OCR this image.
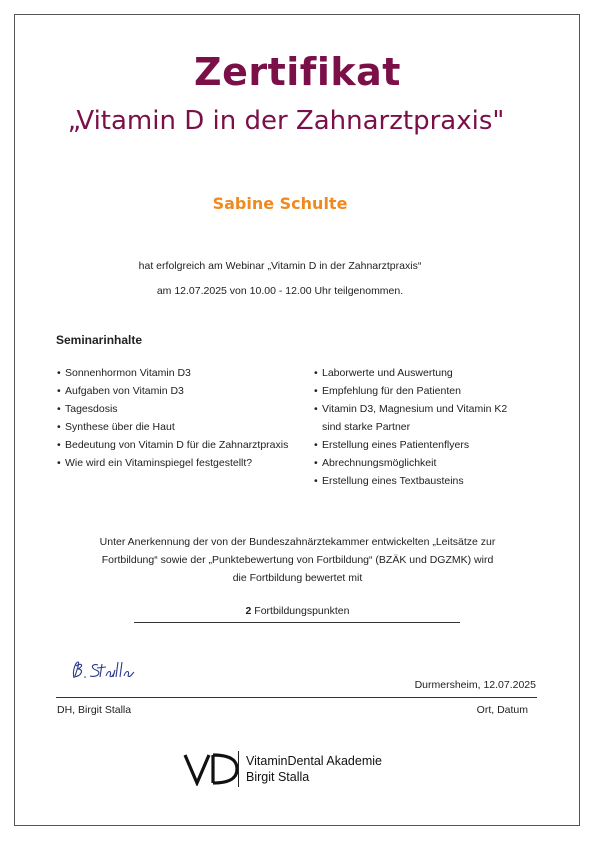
Zertifikat
„Vitamin D in der Zahnarztpraxis"
Sabine Schulte
hat erfolgreich am Webinar „Vitamin D in der Zahnarztpraxis“
am 12.07.2025 von 10.00 - 12.00 Uhr teilgenommen.
Seminarinhalte
• Sonnenhormon Vitamin D3
• Aufgaben von Vitamin D3
• Tagesdosis
• Synthese über die Haut
• Bedeutung von Vitamin D für die Zahnarztpraxis
• Wie wird ein Vitaminspiegel festgestellt?
• Laborwerte und Auswertung
• Empfehlung für den Patienten
• Vitamin D3, Magnesium und Vitamin K2
sind starke Partner
• Erstellung eines Patientenflyers
• Abrechnungsmöglichkeit
• Erstellung eines Textbausteins
Unter Anerkennung der von der Bundeszahnärztekammer entwickelten „Leitsätze zur
Fortbildung“ sowie der „Punktebewertung von Fortbildung“ (BZÄK und DGZMK) wird
die Fortbildung bewertet mit
2 Fortbildungspunkten
Durmersheim, 12.07.2025
DH, Birgit Stalla	Ort, Datum
VitaminDental Akademie
Birgit Stalla
